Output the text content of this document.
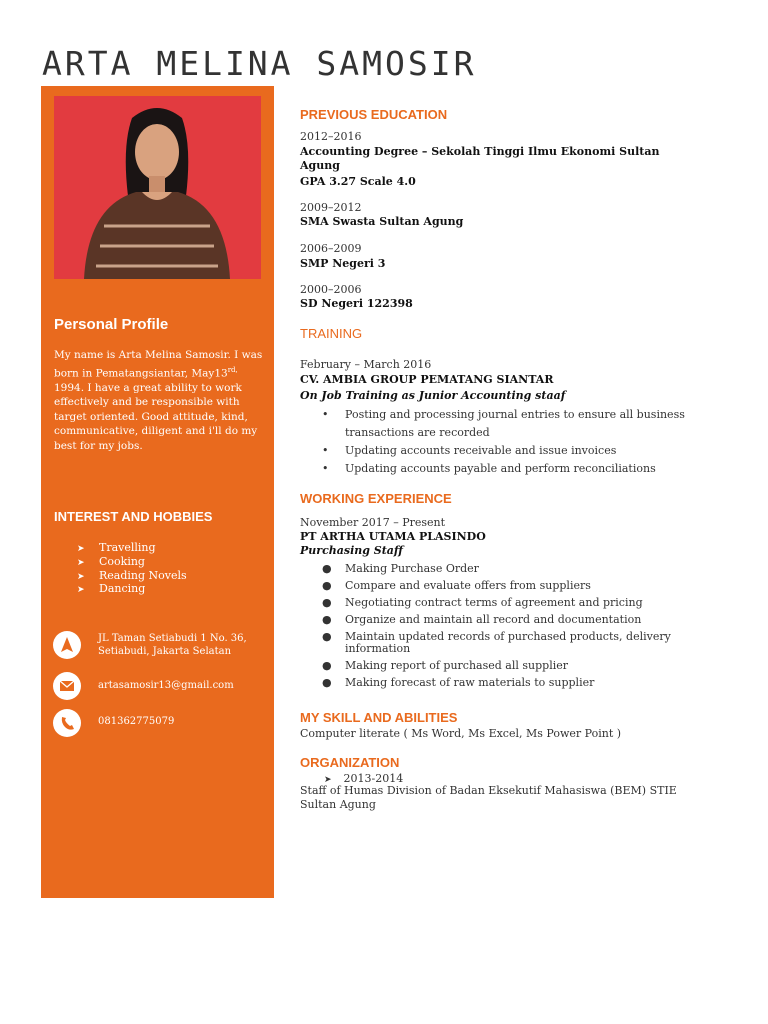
ARTA MELINA SAMOSIR
Personal Profile
My name is Arta Melina Samosir. I was born in Pematangsiantar, $May13^{rd,}$ 1994. I have a great ability to work effectively and be responsible with target oriented. Good attitude, kind, communicative, diligent and i'll do my best for my jobs.
INTEREST AND HOBBIES
➤ Travelling
➤ Cooking
➤ Reading Novels
➤ Dancing
JL Taman Setiabudi 1 No. 36, Setiabudi, Jakarta Selatan
artasamosir13@gmail.com
081362775079
PREVIOUS EDUCATION
2012–2016
Accounting Degree – Sekolah Tinggi Ilmu Ekonomi Sultan Agung
GPA 3.27 Scale 4.0
2009–2012
SMA Swasta Sultan Agung
2006–2009
SMP Negeri 3
2000–2006
SD Negeri 122398
TRAINING
February – March 2016
CV. AMBIA GROUP PEMATANG SIANTAR
On Job Training as Junior Accounting staaf
• Posting and processing journal entries to ensure all business transactions are recorded
• Updating accounts receivable and issue invoices
• Updating accounts payable and perform reconciliations
WORKING EXPERIENCE
November 2017 – Present
PT ARTHA UTAMA PLASINDO
Purchasing Staff
● Making Purchase Order
● Compare and evaluate offers from suppliers
● Negotiating contract terms of agreement and pricing
● Organize and maintain all record and documentation
● Maintain updated records of purchased products, delivery information
● Making report of purchased all supplier
● Making forecast of raw materials to supplier
MY SKILL AND ABILITIES
Computer literate ( Ms Word, Ms Excel, Ms Power Point )
ORGANIZATION
➤ 2013-2014
Staff of Humas Division of Badan Eksekutif Mahasiswa (BEM) STIE Sultan Agung
